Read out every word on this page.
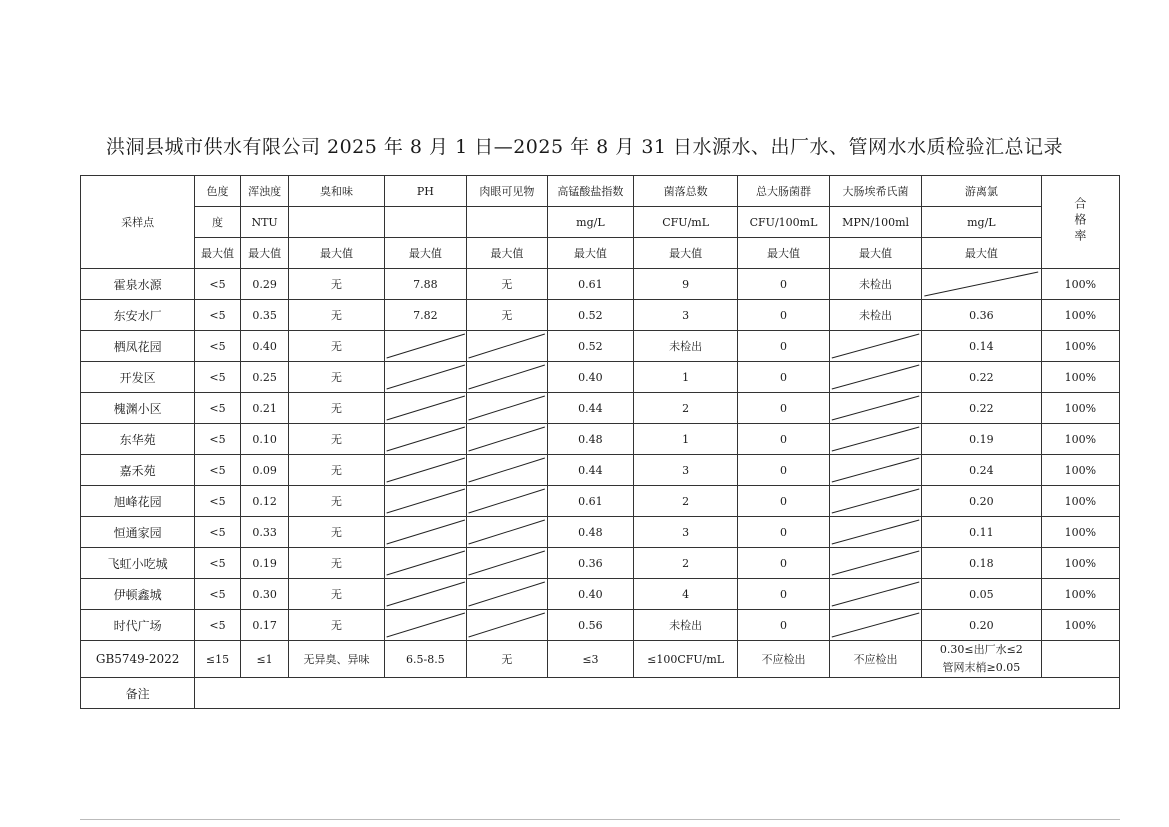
洪洞县城市供水有限公司 2025 年 8 月 1 日—2025 年 8 月 31 日水源水、出厂水、管网水水质检验汇总记录
采样点	色度	浑浊度	臭和味	PH	肉眼可见物	高锰酸盐指数	菌落总数	总大肠菌群	大肠埃希氏菌	游离氯	合格率
	度	NTU				mg/L	CFU/mL	CFU/100mL	MPN/100ml	mg/L	
	最大值	最大值	最大值	最大值	最大值	最大值	最大值	最大值	最大值	最大值	
霍泉水源	<5	0.29	无	7.88	无	0.61	9	0	未检出		100%
东安水厂	<5	0.35	无	7.82	无	0.52	3	0	未检出	0.36	100%
栖凤花园	<5	0.40	无			0.52	未检出	0		0.14	100%
开发区	<5	0.25	无			0.40	1	0		0.22	100%
槐渊小区	<5	0.21	无			0.44	2	0		0.22	100%
东华苑	<5	0.10	无			0.48	1	0		0.19	100%
嘉禾苑	<5	0.09	无			0.44	3	0		0.24	100%
旭峰花园	<5	0.12	无			0.61	2	0		0.20	100%
恒通家园	<5	0.33	无			0.48	3	0		0.11	100%
飞虹小吃城	<5	0.19	无			0.36	2	0		0.18	100%
伊顿鑫城	<5	0.30	无			0.40	4	0		0.05	100%
时代广场	<5	0.17	无			0.56	未检出	0		0.20	100%
GB5749-2022	≤15	≤1	无异臭、异味	6.5-8.5	无	≤3	≤100CFU/mL	不应检出	不应检出	0.30≤出厂水≤2
管网末梢≥0.05	

备注											
